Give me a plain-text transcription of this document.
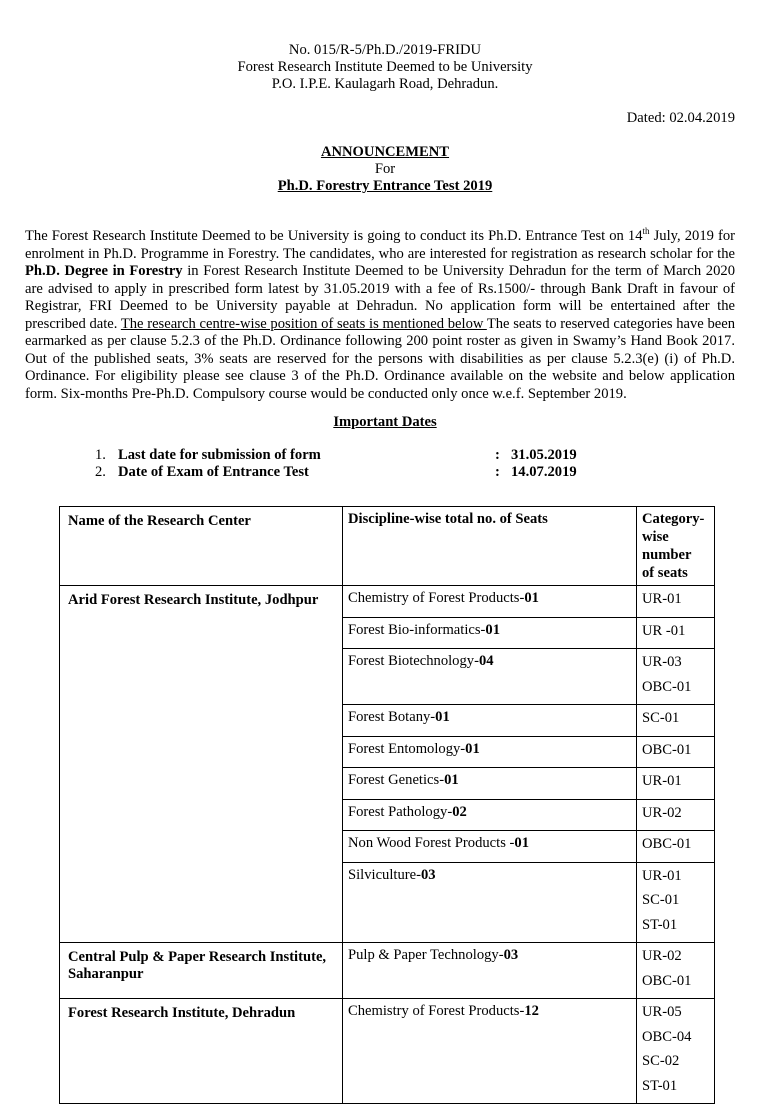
No. 015/R-5/Ph.D./2019-FRIDU
Forest Research Institute Deemed to be University
P.O. I.P.E. Kaulagarh Road, Dehradun.
Dated: 02.04.2019
ANNOUNCEMENT
For
Ph.D. Forestry Entrance Test 2019

The Forest Research Institute Deemed to be University is going to conduct its Ph.D. Entrance Test on 14th July, 2019 for enrolment in Ph.D. Programme in Forestry. The candidates, who are interested for registration as research scholar for the Ph.D. Degree in Forestry in Forest Research Institute Deemed to be University Dehradun for the term of March 2020 are advised to apply in prescribed form latest by 31.05.2019 with a fee of Rs.1500/- through Bank Draft in favour of Registrar, FRI Deemed to be University payable at Dehradun. No application form will be entertained after the prescribed date. The research centre-wise position of seats is mentioned below The seats to reserved categories have been earmarked as per clause 5.2.3 of the Ph.D. Ordinance following 200 point roster as given in Swamy’s Hand Book 2017. Out of the published seats, 3% seats are reserved for the persons with disabilities as per clause 5.2.3(e) (i) of Ph.D. Ordinance. For eligibility please see clause 3 of the Ph.D. Ordinance available on the website and below application form. Six-months Pre-Ph.D. Compulsory course would be conducted only once w.e.f. September 2019.

Important Dates
1. Last date for submission of form	: 31.05.2019
2. Date of Exam of Entrance Test	: 14.07.2019
Name of the Research Center	Discipline-wise total no. of Seats	Category-
wise number
of seats

Arid Forest Research Institute, Jodhpur	Chemistry of Forest Products-01	UR-01

	Forest Bio-informatics-01	UR -01

	Forest Biotechnology-04	UR-03
OBC-01

	Forest Botany-01	SC-01

	Forest Entomology-01	OBC-01

	Forest Genetics-01	UR-01

	Forest Pathology-02	UR-02

	Non Wood Forest Products -01	OBC-01

	Silviculture-03	UR-01
SC-01
ST-01

Central Pulp & Paper Research Institute, Saharanpur	Pulp & Paper Technology-03	UR-02
OBC-01

Forest Research Institute, Dehradun	Chemistry of Forest Products-12	UR-05
OBC-04
SC-02
ST-01
